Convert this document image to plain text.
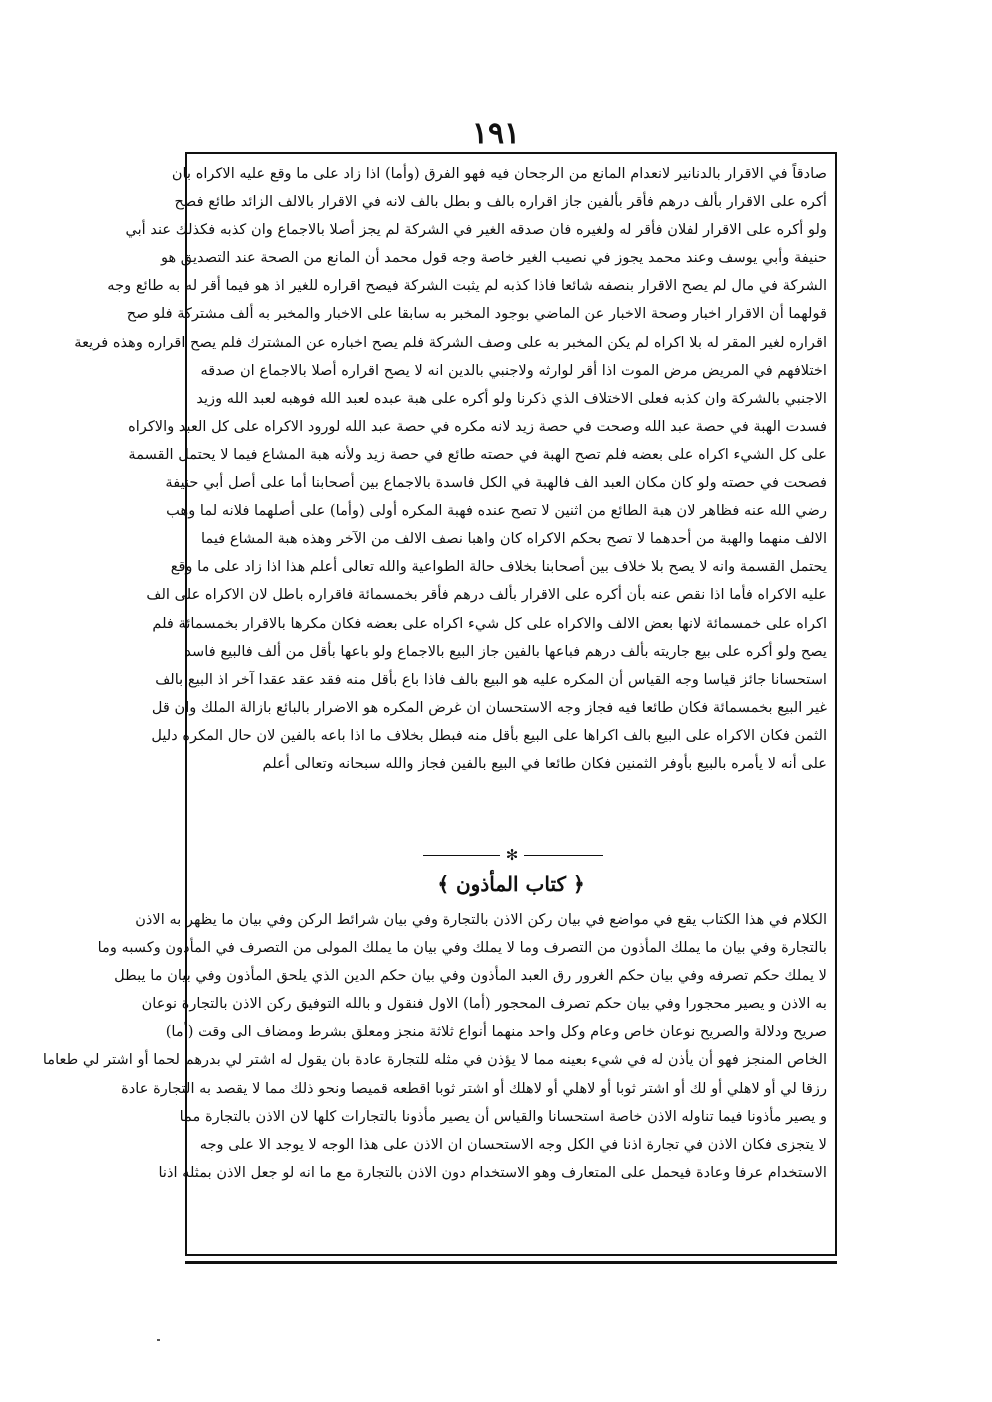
۱۹۱
صادقاً في الاقرار بالدنانير لانعدام المانع من الرجحان فيه فهو الفرق (وأما) اذا زاد على ما وقع عليه الاكراه بان
أكره على الاقرار بألف درهم فأقر بألفين جاز اقراره بالف و بطل بالف لانه في الاقرار بالالف الزائد طائع فصح
ولو أكره على الاقرار لفلان فأقر له ولغيره فان صدقه الغير في الشركة لم يجز أصلا بالاجماع وان كذبه فكذلك عند أبي
حنيفة وأبي يوسف وعند محمد يجوز في نصيب الغير خاصة وجه قول محمد أن المانع من الصحة عند التصديق هو
الشركة في مال لم يصح الاقرار بنصفه شائعا فاذا كذبه لم يثبت الشركة فيصح اقراره للغير اذ هو فيما أقر له به طائع وجه
قولهما أن الاقرار اخبار وصحة الاخبار عن الماضي بوجود المخبر به سابقا على الاخبار والمخبر به ألف مشتركة فلو صح
اقراره لغير المقر له بلا اكراه لم يكن المخبر به على وصف الشركة فلم يصح اخباره عن المشترك فلم يصح اقراره وهذه فريعة
اختلافهم في المريض مرض الموت اذا أقر لوارثه ولاجنبي بالدين انه لا يصح اقراره أصلا بالاجماع ان صدقه
الاجنبي بالشركة وان كذبه فعلى الاختلاف الذي ذكرنا ولو أكره على هبة عبده لعبد الله فوهبه لعبد الله وزيد
فسدت الهبة في حصة عبد الله وصحت في حصة زيد لانه مكره في حصة عبد الله لورود الاكراه على كل العبد والاكراه
على كل الشيء اكراه على بعضه فلم تصح الهبة في حصته طائع في حصة زيد ولأنه هبة المشاع فيما لا يحتمل القسمة
فصحت في حصته ولو كان مكان العبد الف فالهبة في الكل فاسدة بالاجماع بين أصحابنا أما على أصل أبي حنيفة
رضي الله عنه فظاهر لان هبة الطائع من اثنين لا تصح عنده فهبة المكره أولى (وأما) على أصلهما فلانه لما وهب
الالف منهما والهبة من أحدهما لا تصح بحكم الاكراه كان واهبا نصف الالف من الآخر وهذه هبة المشاع فيما
يحتمل القسمة وانه لا يصح بلا خلاف بين أصحابنا بخلاف حالة الطواعية والله تعالى أعلم هذا اذا زاد على ما وقع
عليه الاكراه فأما اذا نقص عنه بأن أكره على الاقرار بألف درهم فأقر بخمسمائة فاقراره باطل لان الاكراه على الف
اكراه على خمسمائة لانها بعض الالف والاكراه على كل شيء اكراه على بعضه فكان مكرها بالاقرار بخمسمائة فلم
يصح ولو أكره على بيع جاريته بألف درهم فباعها بالفين جاز البيع بالاجماع ولو باعها بأقل من ألف فالبيع فاسد
استحسانا جائز قياسا وجه القياس أن المكره عليه هو البيع بالف فاذا باع بأقل منه فقد عقد عقدا آخر اذ البيع بالف
غير البيع بخمسمائة فكان طائعا فيه فجاز وجه الاستحسان ان غرض المكره هو الاضرار بالبائع بازالة الملك وان قل
الثمن فكان الاكراه على البيع بالف اكراها على البيع بأقل منه فبطل بخلاف ما اذا باعه بالفين لان حال المكره دليل
على أنه لا يأمره بالبيع بأوفر الثمنين فكان طائعا في البيع بالفين فجاز والله سبحانه وتعالى أعلم
✻
﴿ كتاب المأذون ﴾
الكلام في هذا الكتاب يقع في مواضع في بيان ركن الاذن بالتجارة وفي بيان شرائط الركن وفي بيان ما يظهر به الاذن
بالتجارة وفي بيان ما يملك المأذون من التصرف وما لا يملك وفي بيان ما يملك المولى من التصرف في المأذون وكسبه وما
لا يملك حكم تصرفه وفي بيان حكم الغرور رق العبد المأذون وفي بيان حكم الدين الذي يلحق المأذون وفي بيان ما يبطل
به الاذن و يصير محجورا وفي بيان حكم تصرف المحجور (أما) الاول فنقول و بالله التوفيق ركن الاذن بالتجارة نوعان
صريح ودلالة والصريح نوعان خاص وعام وكل واحد منهما أنواع ثلاثة منجز ومعلق بشرط ومضاف الى وقت (أما)
الخاص المنجز فهو أن يأذن له في شيء بعينه مما لا يؤذن في مثله للتجارة عادة بان يقول له اشتر لي بدرهم لحما أو اشتر لي طعاما
رزقا لي أو لاهلي أو لك أو اشتر ثوبا أو لاهلي أو لاهلك أو اشتر ثوبا اقطعه قميصا ونحو ذلك مما لا يقصد به التجارة عادة
و يصير مأذونا فيما تناوله الاذن خاصة استحسانا والقياس أن يصير مأذونا بالتجارات كلها لان الاذن بالتجارة مما
لا يتجزى فكان الاذن في تجارة اذنا في الكل وجه الاستحسان ان الاذن على هذا الوجه لا يوجد الا على وجه
الاستخدام عرفا وعادة فيحمل على المتعارف وهو الاستخدام دون الاذن بالتجارة مع ما انه لو جعل الاذن بمثله اذنا
